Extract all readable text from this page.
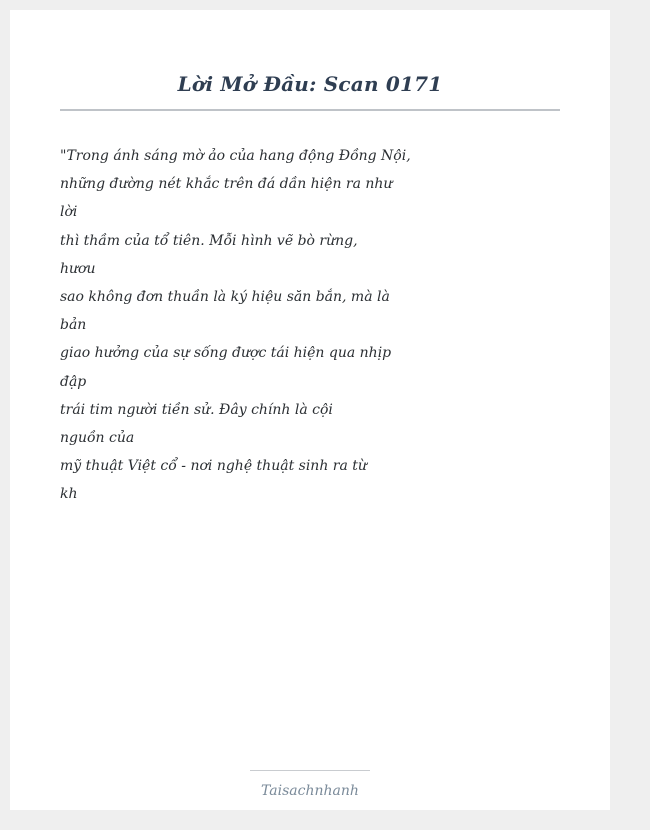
Lời Mở Đầu: Scan 0171
"Trong ánh sáng mờ ảo của hang động Đồng Nội,
những đường nét khắc trên đá dần hiện ra như
lời
thì thầm của tổ tiên. Mỗi hình vẽ bò rừng,
hươu
sao không đơn thuần là ký hiệu săn bắn, mà là
bản
giao hưởng của sự sống được tái hiện qua nhịp
đập
trái tim người tiền sử. Đây chính là cội
nguồn của
mỹ thuật Việt cổ - nơi nghệ thuật sinh ra từ
kh
Taisachnhanh
